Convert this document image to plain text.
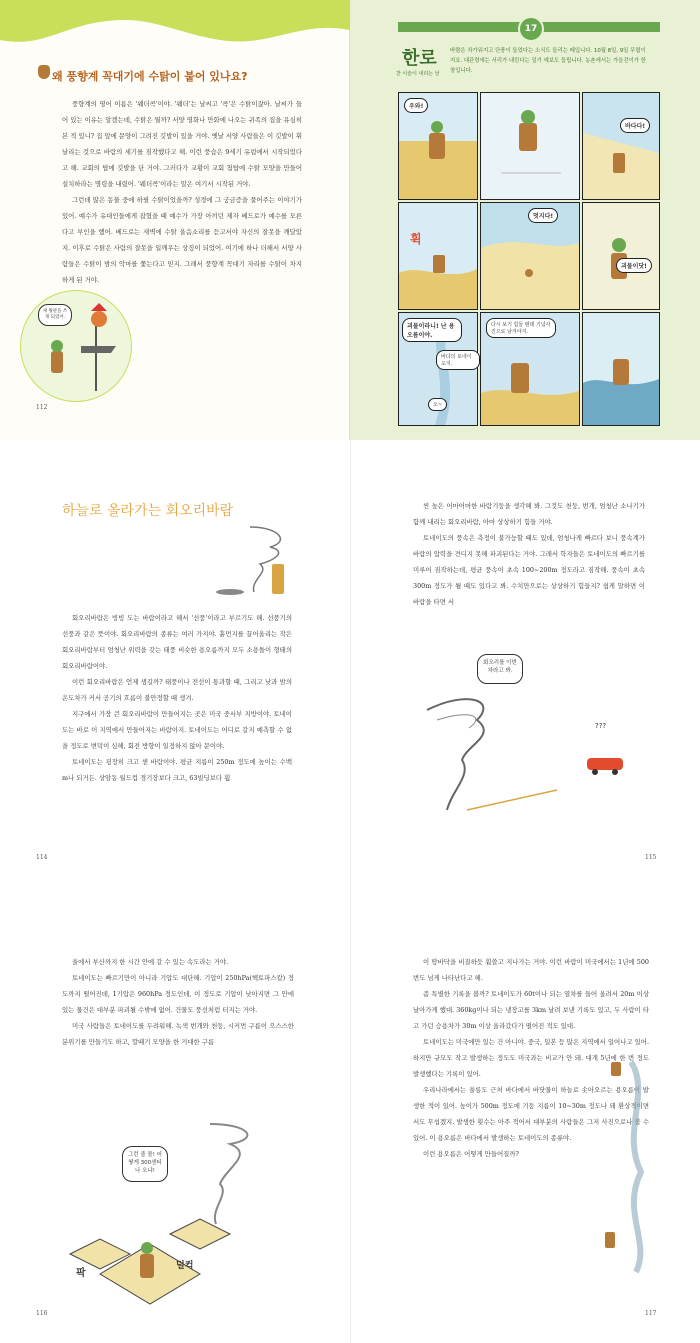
왜 풍향계 꼭대기에 수탉이 붙어 있나요?

풍향계의 영어 이름은 '웨더콕'이야. '웨더'는 날씨고 '콕'은 수탉이잖아. 날씨가 들어 있는 이유는 알겠는데, 수탉은 뭘까? 서양 영화나 만화에 나오는 귀족의 집을 유심히 본 적 있니? 집 앞에 문양이 그려진 깃발이 있을 거야. 옛날 서양 사람들은 이 깃발이 휘날리는 것으로 바람의 세기를 짐작했다고 해. 이런 풍습은 9세기 유럽에서 시작되었다고 해. 교회의 탑에 깃발을 단 거야. 그러다가 교황이 교회 첨탑에 수탉 모양을 만들어 설치하라는 명령을 내렸어. '웨더콕'이라는 말은 여기서 시작된 거야.

그런데 많은 동물 중에 하필 수탉이었을까? 성경에 그 궁금증을 풀어주는 이야기가 있어. 예수가 유대인들에게 잡혔을 때 예수가 가장 아끼던 제자 베드로가 예수를 모른다고 부인을 했어. 베드로는 새벽에 수탉 울음소리를 듣고서야 자신의 잘못을 깨달았지. 이후로 수탉은 사람의 잘못을 일깨우는 상징이 되었어. 여기에 하나 더해서 서양 사람들은 수탉이 밤의 악마를 쫓는다고 믿지. 그래서 풍향계 꼭대기 자리를 수탉이 차지하게 된 거야.

새 왕관을 쓰게 되었어.
112
17
한로
찬 이슬이 내리는 날
바람은 차가워지고 단풍이 들었다는 소식도 들리는 때입니다. 10월 8일, 9일 무렵이지요. 대관령에는 서리가 내린다는 일기 예보도 들립니다. 농촌에서는 가을걷이가 한창입니다.
우와!
바다다!
휙
멋지다!
괴물이닷!
괴물이라니! 난 용오름이야.
바다의 토네이도지.
오~
다시 보기 힘들 텐데 기념사진으로 남겨야지.
하늘로 올라가는 회오리바람

회오리바람은 빙빙 도는 바람이라고 해서 '선풍'이라고 부르기도 해. 선풍기의 선풍과 같은 뜻이야. 회오리바람의 종류는 여러 가지야. 흙먼지를 끌어올리는 작은 회오리바람부터 엄청난 위력을 갖는 태풍 비슷한 용오름까지 모두 소용돌이 형태의 회오리바람이야.

이런 회오리바람은 언제 생길까? 태풍이나 전선이 통과할 때, 그리고 낮과 밤의 온도차가 커서 공기의 흐름이 불안정할 때 생겨.

지구에서 가장 큰 회오리바람이 만들어지는 곳은 미국 중서부 지방이야. 토네이도는 바로 이 지역에서 만들어지는 바람이지. 토네이도는 어디로 갈지 예측할 수 없을 정도로 변덕이 심해, 회전 방향이 일정하지 않아 문이야.

토네이도는 굉장히 크고 센 바람이야. 평균 지름이 250m 정도에 높이는 수백 m나 되거든. 상암동 월드컵 경기장보다 크고, 63빌딩보다 훨

114

씬 높은 어마어마한 바람기둥을 생각해 봐. 그것도 천둥, 번개, 엄청난 소나기가 함께 내리는 회오리바람, 아마 상상하기 힘들 거야.

토네이도의 풍속은 측정이 불가능할 때도 있데, 엄청나게 빠르다 보니 풍속계가 바람의 압력을 견디지 못해 파괴된다는 거야. 그래서 학자들은 토네이도의 빠르기를 미루어 짐작하는데, 평균 풍속이 초속 100~200m 정도라고 짐작해. 풍속이 초속 300m 정도가 될 때도 있다고 봐. 수치만으로는 상상하기 힘들지? 쉽게 말하면 이 바람을 타면 서

회오리를 이번 차라고 봐.
???
115

울에서 부산까지 한 시간 안에 갈 수 있는 속도라는 거야.

토네이도는 빠르기만이 아니라 기압도 대단해. 기압이 250hPa(헥토파스칼) 정도까지 떨어진데, 1기압은 960hPa 정도인데, 이 정도로 기압이 낮아지면 그 안에 있는 물건은 대부분 파괴될 수밖에 없어. 건물도 풍선처럼 터지는 거야.

미국 사람들은 토네이도를 두려워해. 녹색 번개와 천둥, 시커먼 구름이 으스스한 분위기를 만들기도 하고, 깔때기 모양을 한 거대한 구름

그런 줄 몰! 어떻게 300센티나 오냐!
팍
덜컥
116

이 땅바닥을 비질하듯 휩쓸고 지나가는 거야. 이런 바람이 미국에서는 1년에 500번도 넘게 나타난다고 해.

좀 특별한 기록을 볼까? 토네이도가 60t이나 되는 열차를 들어 올려서 20m 이상 날아가게 했대. 360kg이나 되는 냉장고를 3km 날려 보낸 기록도 있고, 두 사람이 타고 가던 승용차가 30m 이상 올라갔다가 떨어진 적도 있대.

토네이도는 미국에만 있는 건 아니야. 중국, 일본 등 많은 지역에서 일어나고 있어. 하지만 규모도 작고 발생하는 정도도 미국과는 비교가 안 돼. 대개 5년에 한 번 정도 발생했다는 기록이 있어.

우리나라에서는 울릉도 근처 바다에서 바닷물이 하늘로 솟아오르는 용오름이 발생한 적이 있어. 높이가 500m 정도에 기둥 지름이 10~30m 정도나 돼 환상적이면서도 무섭겠지. 발생한 횟수는 아주 적어서 대부분의 사람들은 그저 사진으로나 볼 수 있어. 이 용오름은 바다에서 발생하는 토네이도의 종류야.

이런 용오름은 어떻게 만들어질까?

117
